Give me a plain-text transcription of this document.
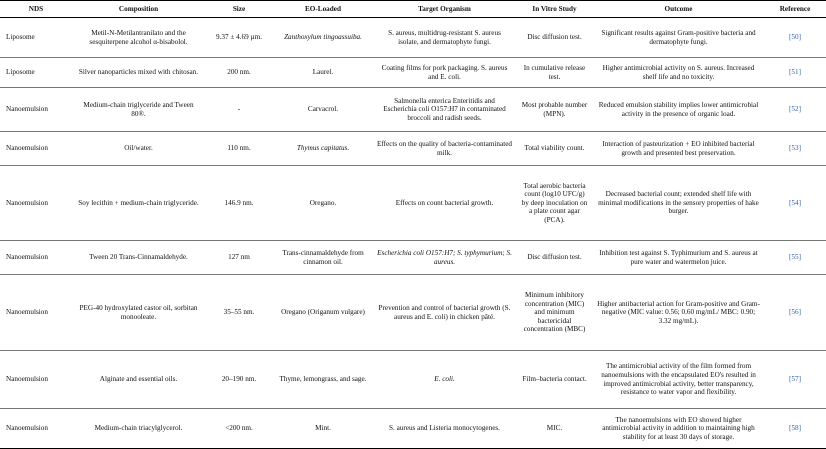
NDS	Composition	Size	EO-Loaded	Target Organism	In Vitro Study	Outcome	Reference
Liposome	Metil-N-Metilantranilato and the sesquiterpene alcohol α-bisabolol.	9.37 ± 4.69 µm.	Zanthoxylum tingoassuiba.	S. aureus, multidrug-resistant S. aureus isolate, and dermatophyte fungi.	Disc diffusion test.	Significant results against Gram-positive bacteria and dermatophyte fungi.	[50]
Liposome	Silver nanoparticles mixed with chitosan.	200 nm.	Laurel.	Coating films for pork packaging. S. aureus and E. coli.	In cumulative release test.	Higher antimicrobial activity on S. aureus. Increased shelf life and no toxicity.	[51]
Nanoemulsion	Medium-chain triglyceride and Tween 80®.	-	Carvacrol.	Salmonella enterica Enteritidis and Escherichia coli O157:H7 in contaminated broccoli and radish seeds.	Most probable number (MPN).	Reduced emulsion stability implies lower antimicrobial activity in the presence of organic load.	[52]
Nanoemulsion	Oil/water.	110 nm.	Thymus capitatus.	Effects on the quality of bacteria-contaminated milk.	Total viability count.	Interaction of pasteurization + EO inhibited bacterial growth and presented best preservation.	[53]
Nanoemulsion	Soy lecithin + medium-chain triglyceride.	146.9 nm.	Oregano.	Effects on count bacterial growth.	Total aerobic bacteria count (log10 UFC/g) by deep inoculation on a plate count agar (PCA).	Decreased bacterial count; extended shelf life with minimal modifications in the sensory properties of hake burger.	[54]
Nanoemulsion	Tween 20 Trans-Cinnamaldehyde.	127 nm	Trans-cinnamaldehyde from cinnamon oil.	Escherichia coli O157:H7; S. typhymurium; S. aureus.	Disc diffusion test.	Inhibition test against S. Typhimurium and S. aureus at pure water and watermelon juice.	[55]
Nanoemulsion	PEG-40 hydroxylated castor oil, sorbitan monooleate.	35–55 nm.	Oregano (Origanum vulgare)	Prevention and control of bacterial growth (S. aureus and E. coli) in chicken pâté.	Minimum inhibitory concentration (MIC) and minimum bactericidal concentration (MBC)	Higher antibacterial action for Gram-positive and Gram-negative (MIC value: 0.56; 0.60 mg/mL/ MBC: 0.90; 3.32 mg/mL).	[56]
Nanoemulsion	Alginate and essential oils.	20–190 nm.	Thyme, lemongrass, and sage.	E. coli.	Film–bacteria contact.	The antimicrobial activity of the film formed from nanoemulsions with the encapsulated EO's resulted in improved antimicrobial activity, better transparency, resistance to water vapor and flexibility.	[57]
Nanoemulsion	Medium-chain triacylglycerol.	<200 nm.	Mint.	S. aureus and Listeria monocytogenes.	MIC.	The nanoemulsions with EO showed higher antimicrobial activity in addition to maintaining high stability for at least 30 days of storage.	[58]
